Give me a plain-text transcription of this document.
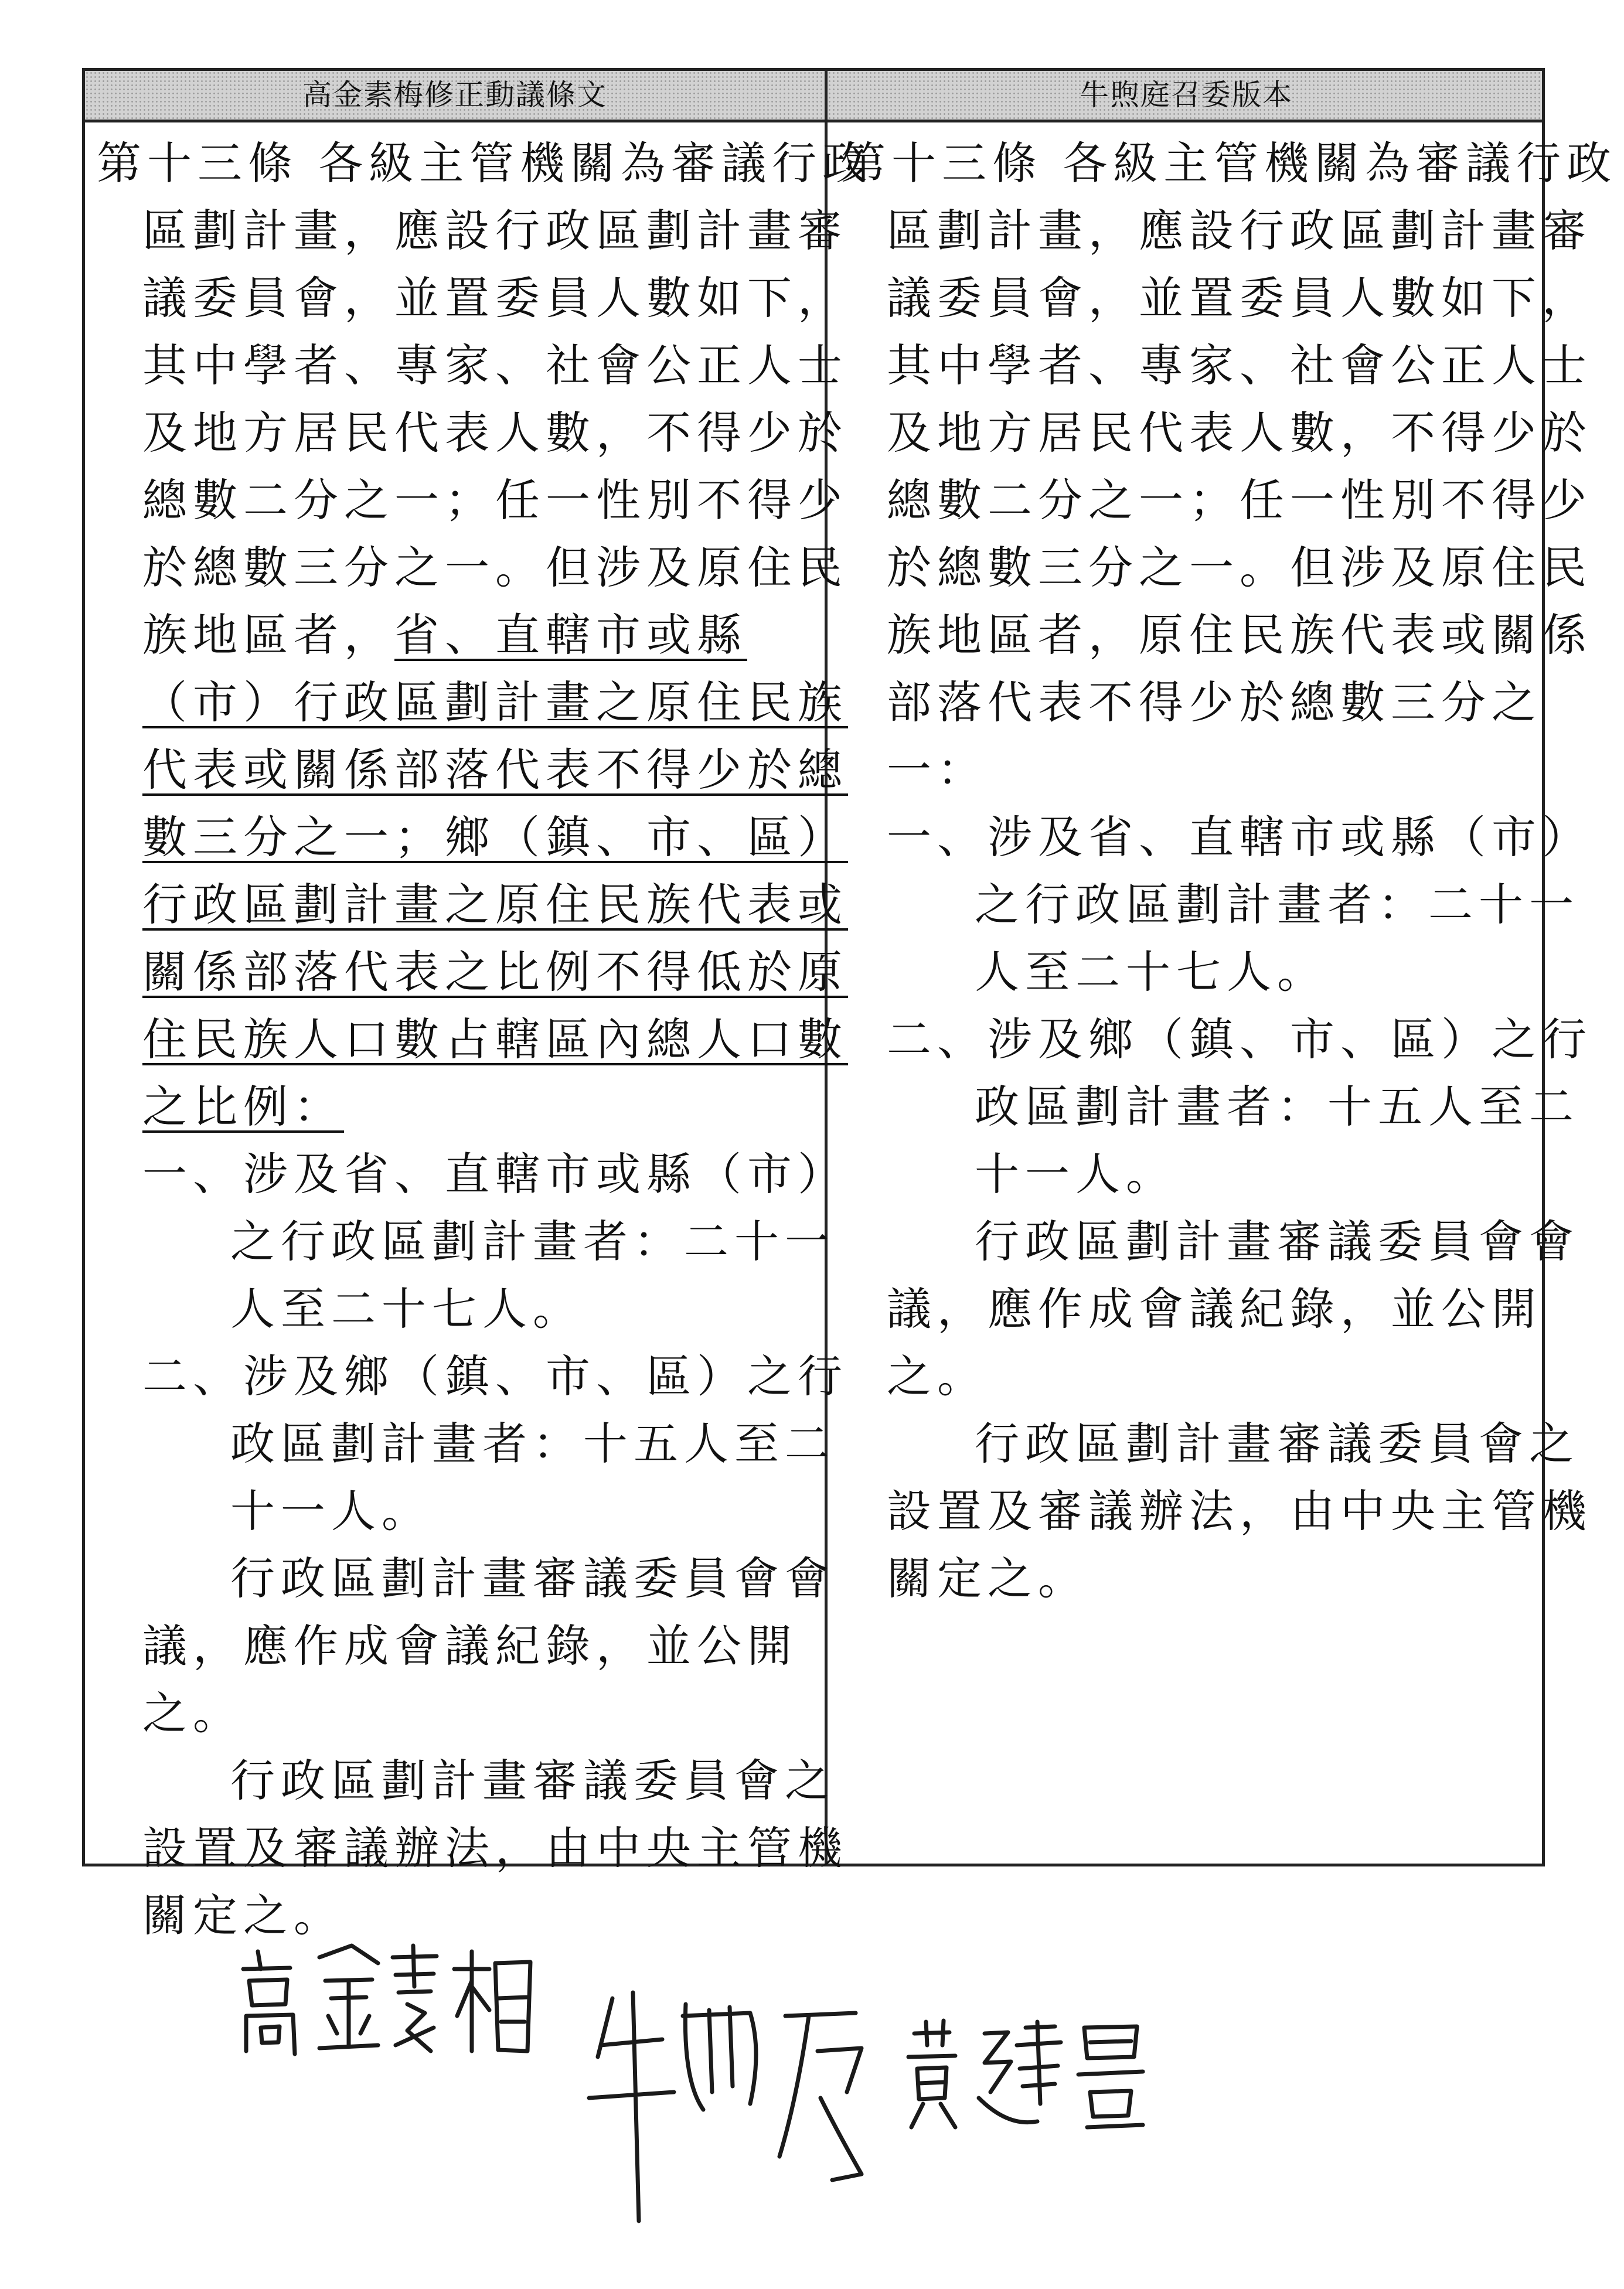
高金素梅修正動議條文	牛煦庭召委版本
第十三條 各級主管機關為審議行政
區劃計畫，應設行政區劃計畫審
議委員會，並置委員人數如下，
其中學者、專家、社會公正人士
及地方居民代表人數，不得少於
總數二分之一；任一性別不得少
於總數三分之一。但涉及原住民
族地區者，省、直轄市或縣
（市）行政區劃計畫之原住民族
代表或關係部落代表不得少於總
數三分之一；鄉（鎮、市、區）
行政區劃計畫之原住民族代表或
關係部落代表之比例不得低於原
住民族人口數占轄區內總人口數
之比例：
一、涉及省、直轄市或縣（市）
之行政區劃計畫者：二十一
人至二十七人。
二、涉及鄉（鎮、市、區）之行
政區劃計畫者：十五人至二
十一人。
行政區劃計畫審議委員會會
議，應作成會議紀錄，並公開
之。
行政區劃計畫審議委員會之
設置及審議辦法，由中央主管機
關定之。
第十三條 各級主管機關為審議行政
區劃計畫，應設行政區劃計畫審
議委員會，並置委員人數如下，
其中學者、專家、社會公正人士
及地方居民代表人數，不得少於
總數二分之一；任一性別不得少
於總數三分之一。但涉及原住民
族地區者，原住民族代表或關係
部落代表不得少於總數三分之
一：
一、涉及省、直轄市或縣（市）
之行政區劃計畫者：二十一
人至二十七人。
二、涉及鄉（鎮、市、區）之行
政區劃計畫者：十五人至二
十一人。
行政區劃計畫審議委員會會
議，應作成會議紀錄，並公開
之。
行政區劃計畫審議委員會之
設置及審議辦法，由中央主管機
關定之。
